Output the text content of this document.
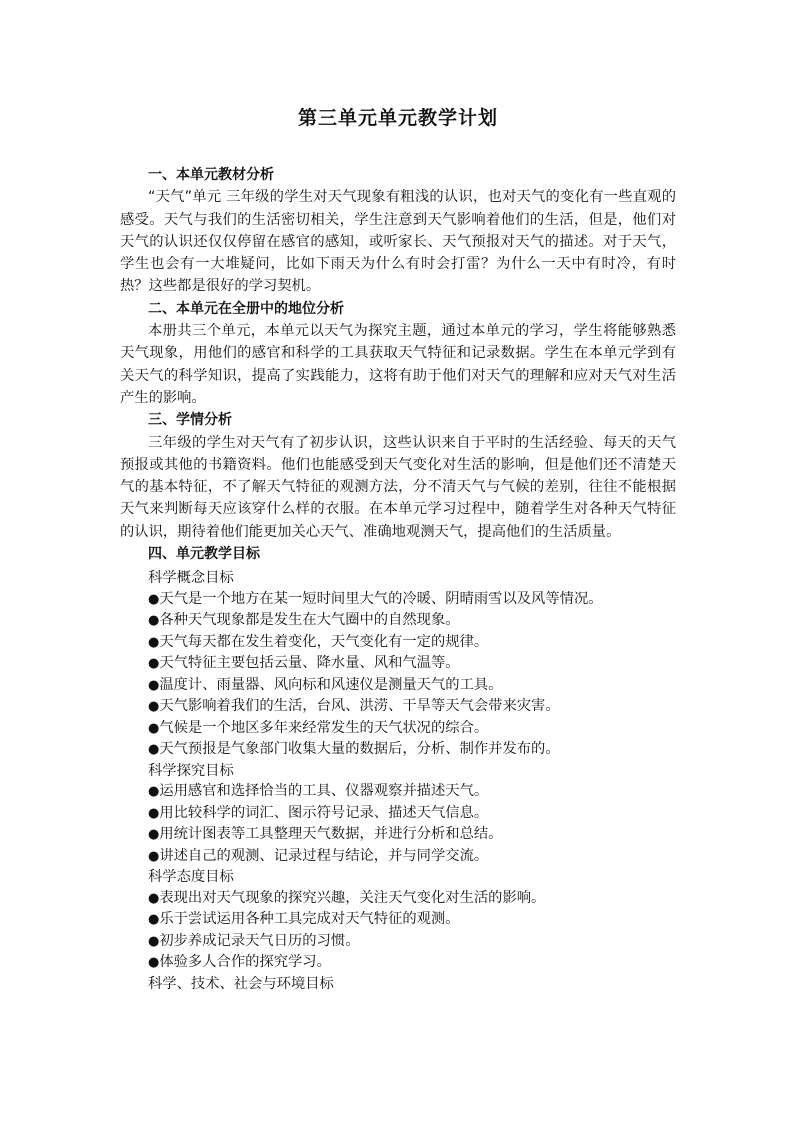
第三单元单元教学计划

一、本单元教材分析

“天气”单元 三年级的学生对天气现象有粗浅的认识，也对天气的变化有一些直观的感受。天气与我们的生活密切相关，学生注意到天气影响着他们的生活，但是，他们对天气的认识还仅仅停留在感官的感知，或听家长、天气预报对天气的描述。对于天气，学生也会有一大堆疑问，比如下雨天为什么有时会打雷？为什么一天中有时冷，有时热？这些都是很好的学习契机。

二、本单元在全册中的地位分析

本册共三个单元，本单元以天气为探究主题，通过本单元的学习，学生将能够熟悉天气现象，用他们的感官和科学的工具获取天气特征和记录数据。学生在本单元学到有关天气的科学知识，提高了实践能力，这将有助于他们对天气的理解和应对天气对生活产生的影响。

三、学情分析

三年级的学生对天气有了初步认识，这些认识来自于平时的生活经验、每天的天气预报或其他的书籍资料。他们也能感受到天气变化对生活的影响，但是他们还不清楚天气的基本特征，不了解天气特征的观测方法，分不清天气与气候的差别，往往不能根据天气来判断每天应该穿什么样的衣服。在本单元学习过程中，随着学生对各种天气特征的认识，期待着他们能更加关心天气、准确地观测天气，提高他们的生活质量。

四、单元教学目标

科学概念目标

●天气是一个地方在某一短时间里大气的冷暖、阴晴雨雪以及风等情况。
●各种天气现象都是发生在大气圈中的自然现象。
●天气每天都在发生着变化，天气变化有一定的规律。
●天气特征主要包括云量、降水量、风和气温等。
●温度计、雨量器、风向标和风速仪是测量天气的工具。
●天气影响着我们的生活，台风、洪涝、干旱等天气会带来灾害。
●气候是一个地区多年来经常发生的天气状况的综合。
●天气预报是气象部门收集大量的数据后，分析、制作并发布的。

科学探究目标

●运用感官和选择恰当的工具、仪器观察并描述天气。
●用比较科学的词汇、图示符号记录、描述天气信息。
●用统计图表等工具整理天气数据，并进行分析和总结。
●讲述自己的观测、记录过程与结论，并与同学交流。

科学态度目标

●表现出对天气现象的探究兴趣，关注天气变化对生活的影响。
●乐于尝试运用各种工具完成对天气特征的观测。
●初步养成记录天气日历的习惯。
●体验多人合作的探究学习。

科学、技术、社会与环境目标
